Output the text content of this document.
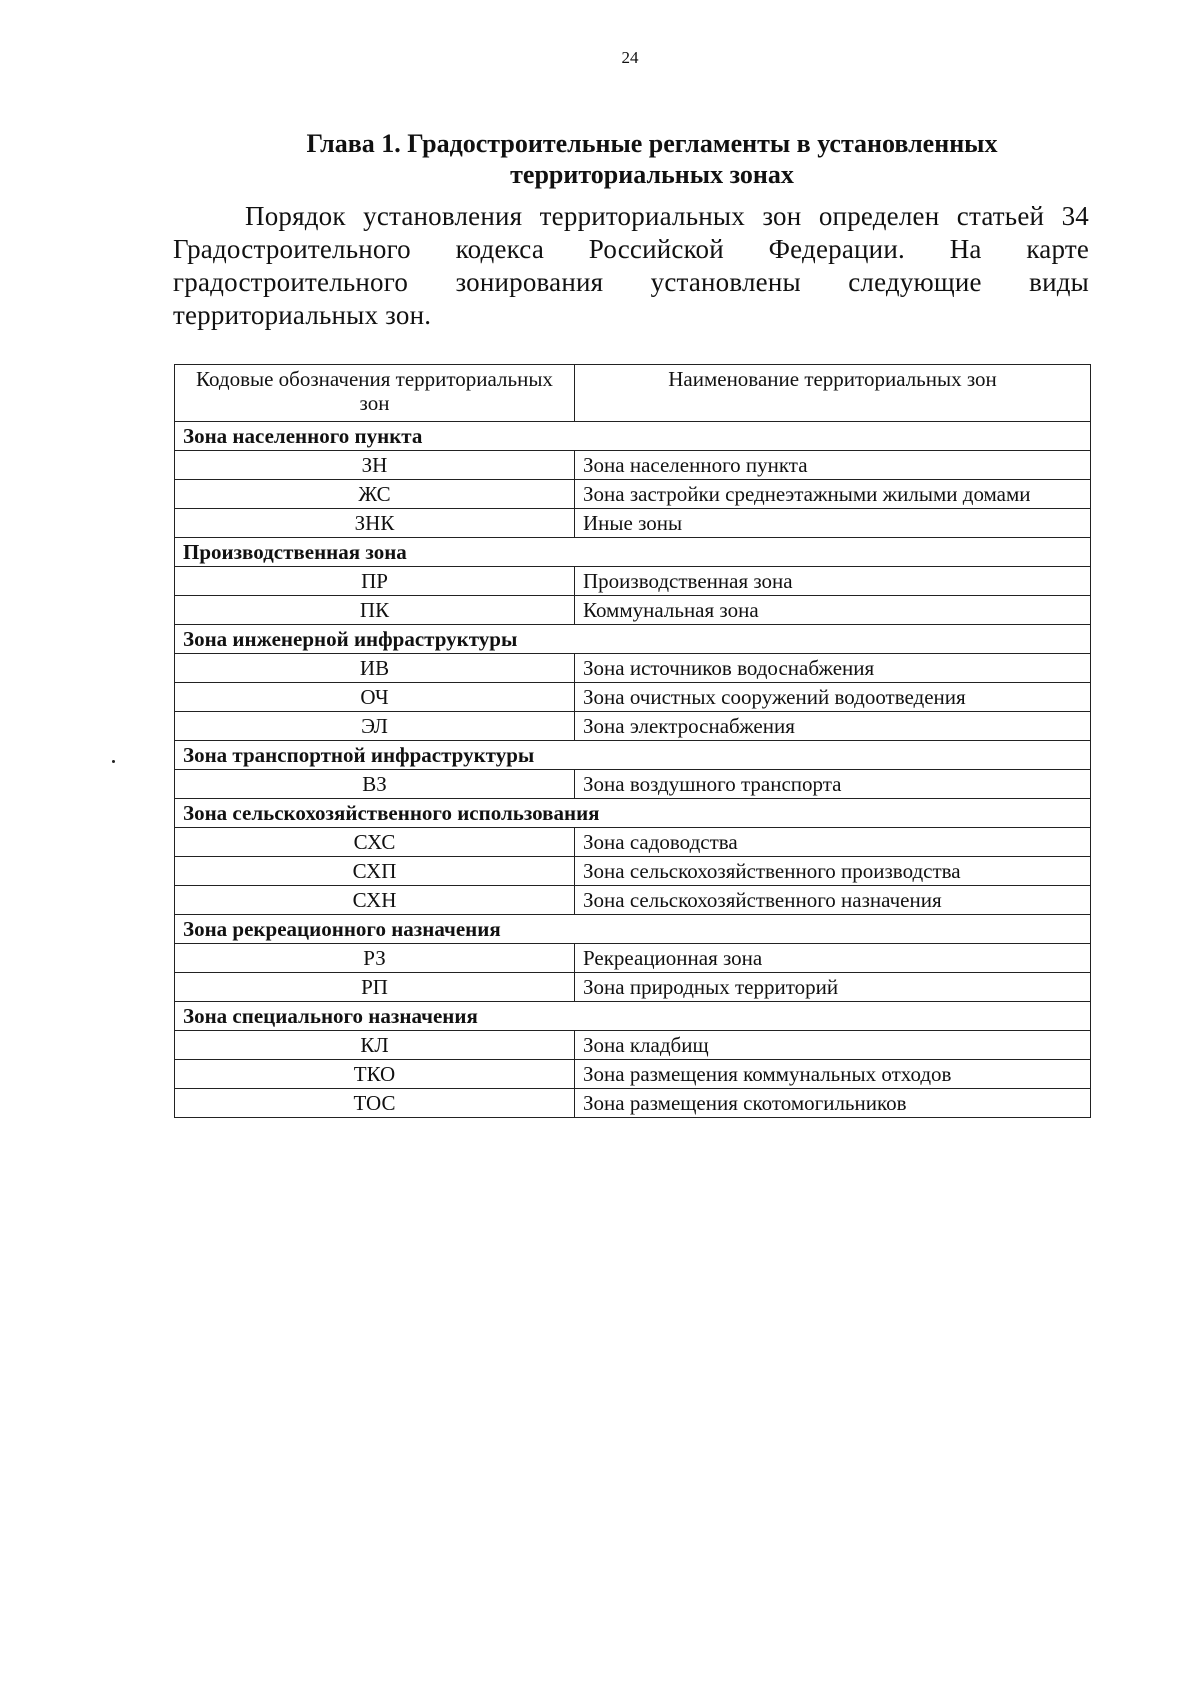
24
Глава 1. Градостроительные регламенты в установленных
территориальных зонах

Порядок установления территориальных зон определен статьей 34 Градостроительного кодекса Российской Федерации. На карте градостроительного зонирования установлены следующие виды территориальных зон.

Кодовые обозначения территориальных зон	Наименование территориальных зон
Зона населенного пункта	
ЗН	Зона населенного пункта
ЖС	Зона застройки среднеэтажными жилыми домами
ЗНК	Иные зоны
Производственная зона	
ПР	Производственная зона
ПК	Коммунальная зона
Зона инженерной инфраструктуры	
ИВ	Зона источников водоснабжения
ОЧ	Зона очистных сооружений водоотведения
ЭЛ	Зона электроснабжения
Зона транспортной инфраструктуры	
ВЗ	Зона воздушного транспорта
Зона сельскохозяйственного использования	
СХС	Зона садоводства
СХП	Зона сельскохозяйственного производства
СХН	Зона сельскохозяйственного назначения
Зона рекреационного назначения	
РЗ	Рекреационная зона
РП	Зона природных территорий
Зона специального назначения	
КЛ	Зона кладбищ
ТКО	Зона размещения коммунальных отходов
ТОС	Зона размещения скотомогильников
